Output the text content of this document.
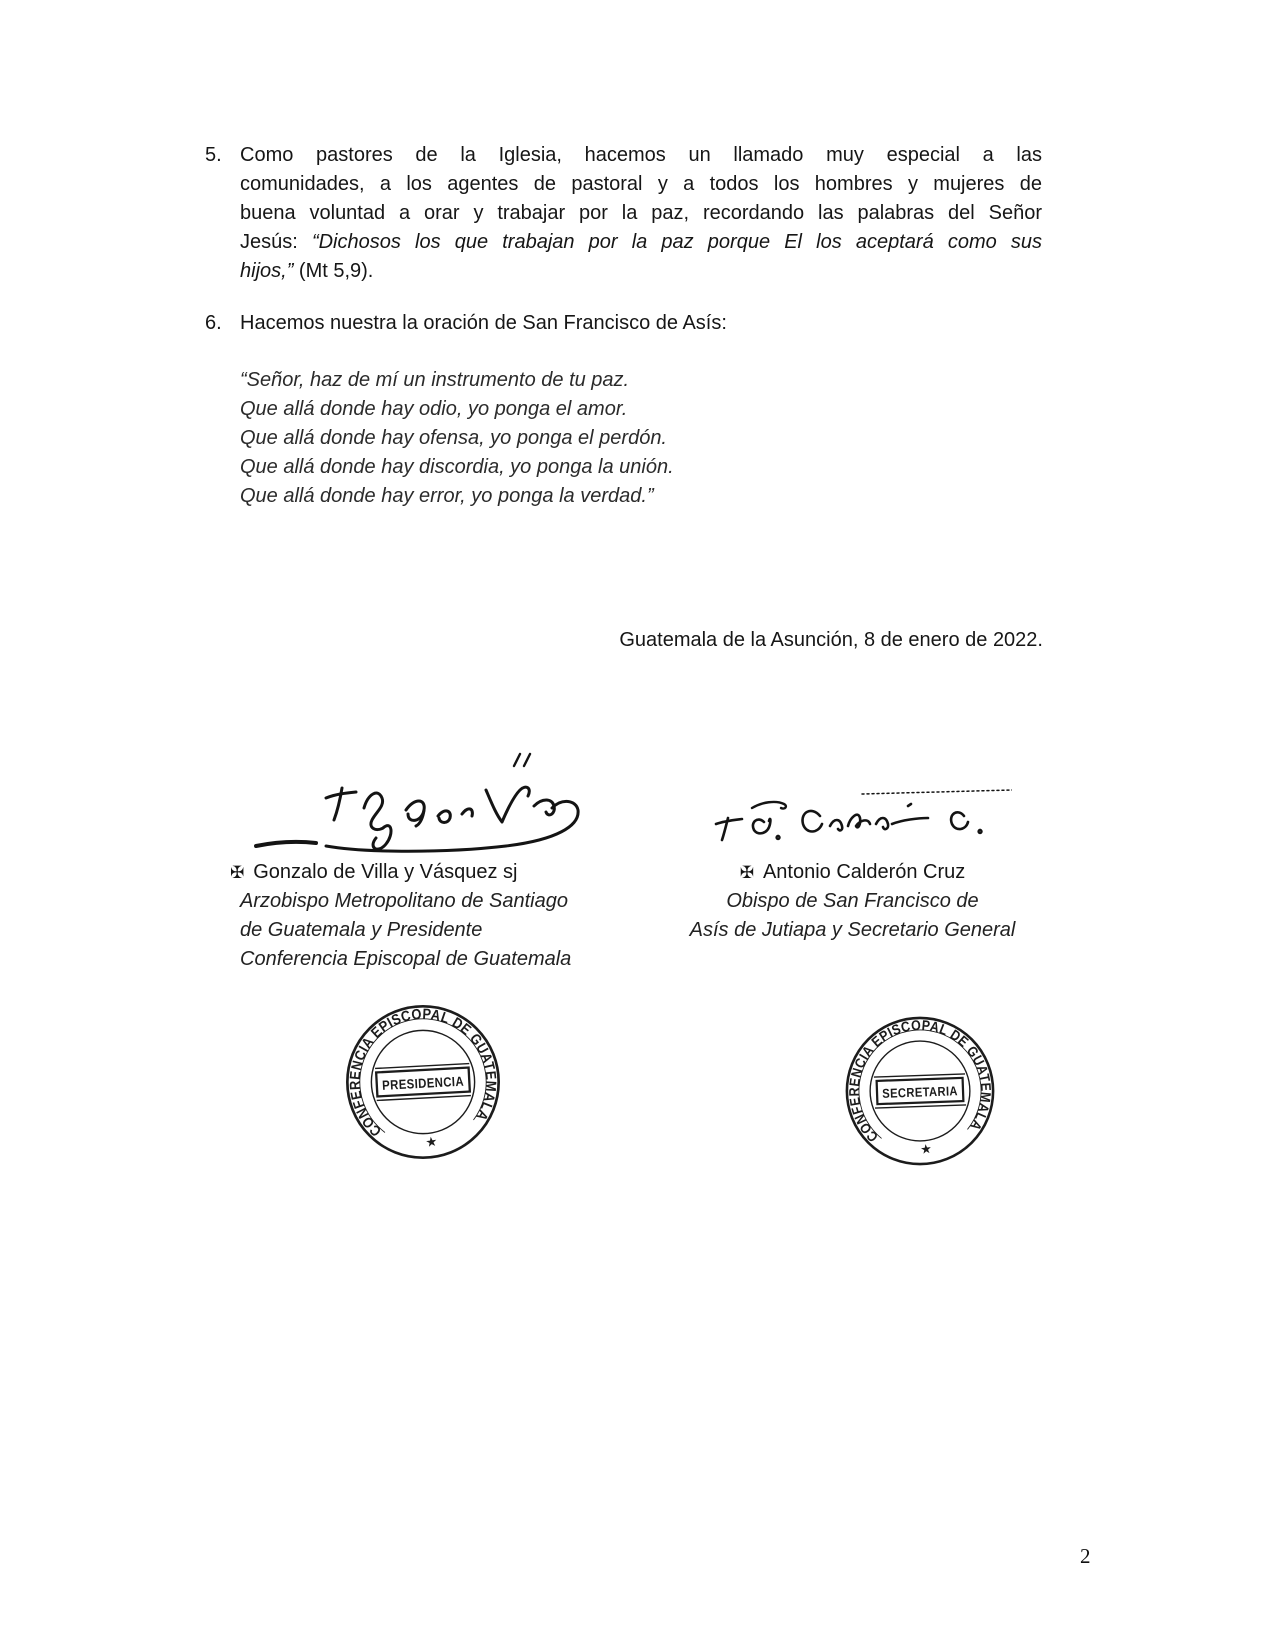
5. Como pastores de la Iglesia, hacemos un llamado muy especial a las
comunidades, a los agentes de pastoral y a todos los hombres y mujeres de
buena voluntad a orar y trabajar por la paz, recordando las palabras del Señor
Jesús: “Dichosos los que trabajan por la paz porque El los aceptará como sus
hijos,” (Mt 5,9).
6. Hacemos nuestra la oración de San Francisco de Asís:
“Señor, haz de mí un instrumento de tu paz.
Que allá donde hay odio, yo ponga el amor.
Que allá donde hay ofensa, yo ponga el perdón.
Que allá donde hay discordia, yo ponga la unión.
Que allá donde hay error, yo ponga la verdad.”
Guatemala de la Asunción, 8 de enero de 2022.
✠ Gonzalo de Villa y Vásquez sj
Arzobispo Metropolitano de Santiago
de Guatemala y Presidente
Conferencia Episcopal de Guatemala
✠ Antonio Calderón Cruz
Obispo de San Francisco de
Asís de Jutiapa y Secretario General
CONFERENCIA EPISCOPAL DE GUATEMALA
★
PRESIDENCIA
CONFERENCIA EPISCOPAL DE GUATEMALA
★
SECRETARIA
2
